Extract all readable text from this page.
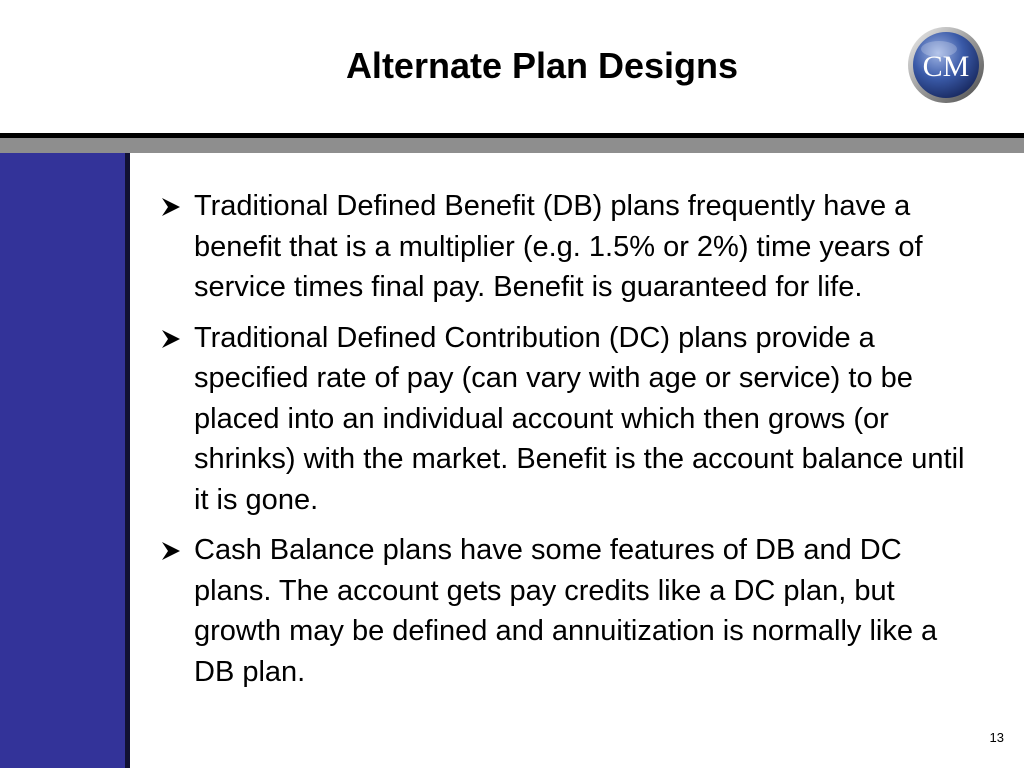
Alternate Plan Designs	CM
Traditional Defined Benefit (DB) plans frequently have a benefit that is a multiplier (e.g. 1.5% or 2%) time years of service times final pay. Benefit is guaranteed for life.
Traditional Defined Contribution (DC) plans provide a specified rate of pay (can vary with age or service) to be placed into an individual account which then grows (or shrinks) with the market. Benefit is the account balance until it is gone.
Cash Balance plans have some features of DB and DC plans. The account gets pay credits like a DC plan, but growth may be defined and annuitization is normally like a DB plan.
13
